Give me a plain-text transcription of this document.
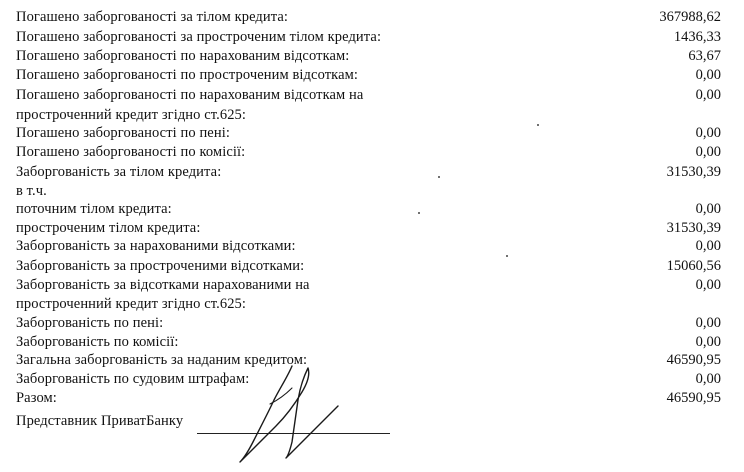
Погашено заборгованості за тілом кредита:	367988,62
Погашено заборгованості за простроченим тілом кредита:	1436,33
Погашено заборгованості по нарахованим відсоткам:	63,67
Погашено заборгованості по простроченим відсоткам:	0,00
Погашено заборгованості по нарахованим відсоткам на	0,00
простроченний кредит згідно ст.625:
Погашено заборгованості по пені:	0,00
Погашено заборгованості по комісії:	0,00
Заборгованість за тілом кредита:	31530,39
в т.ч.
поточним тілом кредита:	0,00
простроченим тілом кредита:	31530,39
Заборгованість за нарахованими відсотками:	0,00
Заборгованість за простроченими відсотками:	15060,56
Заборгованість за відсотками нарахованими на	0,00
простроченний кредит згідно ст.625:
Заборгованість по пені:	0,00
Заборгованість по комісії:	0,00
Загальна заборгованість за наданим кредитом:	46590,95
Заборгованість по судовим штрафам:	0,00
Разом:	46590,95
Представник ПриватБанку
